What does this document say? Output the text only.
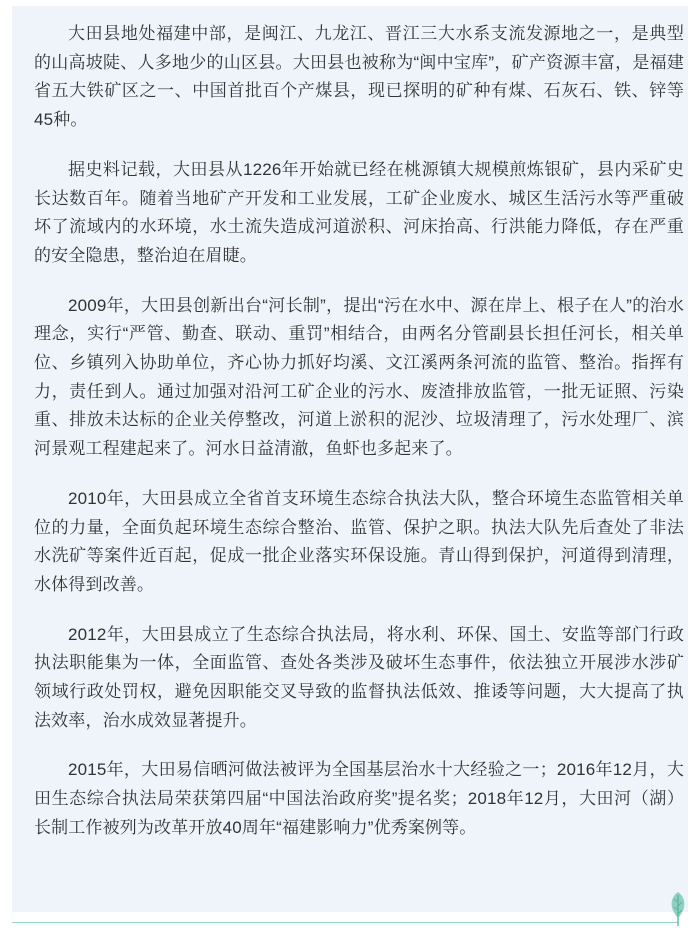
大田县地处福建中部，是闽江、九龙江、晋江三大水系支流发源地之一，是典型的山高坡陡、人多地少的山区县。大田县也被称为“闽中宝库”，矿产资源丰富，是福建省五大铁矿区之一、中国首批百个产煤县，现已探明的矿种有煤、石灰石、铁、锌等45种。

据史料记载，大田县从1226年开始就已经在桃源镇大规模煎炼银矿，县内采矿史长达数百年。随着当地矿产开发和工业发展，工矿企业废水、城区生活污水等严重破坏了流域内的水环境，水土流失造成河道淤积、河床抬高、行洪能力降低，存在严重的安全隐患，整治迫在眉睫。

2009年，大田县创新出台“河长制”，提出“污在水中、源在岸上、根子在人”的治水理念，实行“严管、勤查、联动、重罚”相结合，由两名分管副县长担任河长，相关单位、乡镇列入协助单位，齐心协力抓好均溪、文江溪两条河流的监管、整治。指挥有力，责任到人。通过加强对沿河工矿企业的污水、废渣排放监管，一批无证照、污染重、排放未达标的企业关停整改，河道上淤积的泥沙、垃圾清理了，污水处理厂、滨河景观工程建起来了。河水日益清澈，鱼虾也多起来了。

2010年，大田县成立全省首支环境生态综合执法大队，整合环境生态监管相关单位的力量，全面负起环境生态综合整治、监管、保护之职。执法大队先后查处了非法水洗矿等案件近百起，促成一批企业落实环保设施。青山得到保护，河道得到清理，水体得到改善。

2012年，大田县成立了生态综合执法局，将水利、环保、国土、安监等部门行政执法职能集为一体，全面监管、查处各类涉及破坏生态事件，依法独立开展涉水涉矿领域行政处罚权，避免因职能交叉导致的监督执法低效、推诿等问题，大大提高了执法效率，治水成效显著提升。

2015年，大田易信晒河做法被评为全国基层治水十大经验之一；2016年12月，大田生态综合执法局荣获第四届“中国法治政府奖”提名奖；2018年12月，大田河（湖）长制工作被列为改革开放40周年“福建影响力”优秀案例等。
